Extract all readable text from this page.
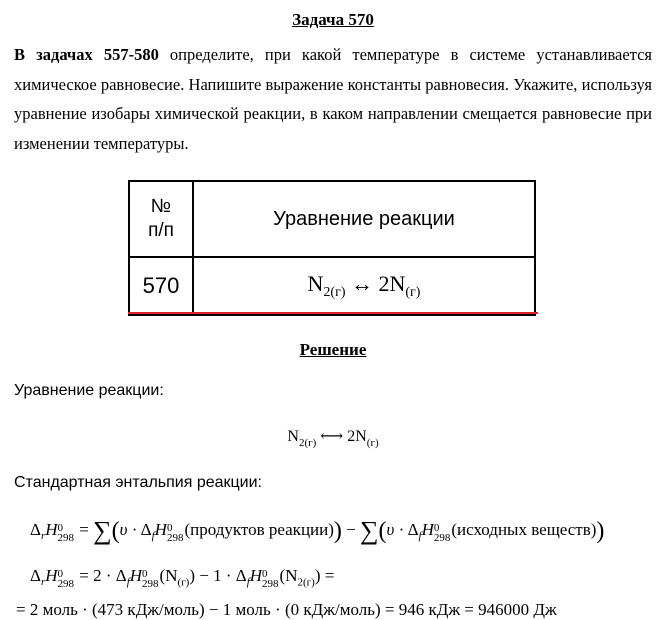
Задача 570
В задачах 557-580 определите, при какой температуре в системе устанавливается химическое равновесие. Напишите выражение константы равновесия. Укажите, используя уравнение изобары химической реакции, в каком направлении смещается равновесие при изменении температуры.
№
п/п	Уравнение реакции
570	$N_{2(г)}$ ↔ $2N_{(г)}$
Решение
Уравнение реакции:
$N_{2(г)}$ ⟷ $2N_{(г)}$
Стандартная энтальпия реакции:
$\Delta_rH$ 0
$298 = \sum(\upsilon \cdot \Delta_fH$ 0
298 (продуктов реакции)) − $\sum(\upsilon \cdot \Delta_fH$ 0
298 (исходных веществ))
$\Delta_rH$ 0
$298 = 2 \cdot \Delta_fH$ 0
298 $(N_{(г)}) - 1 \cdot \Delta_fH$ 0
298 $(N_{2(г)})$ =
= 2 моль · (473 кДж/моль) − 1 моль · (0 кДж/моль) = 946 кДж = 946000 Дж
